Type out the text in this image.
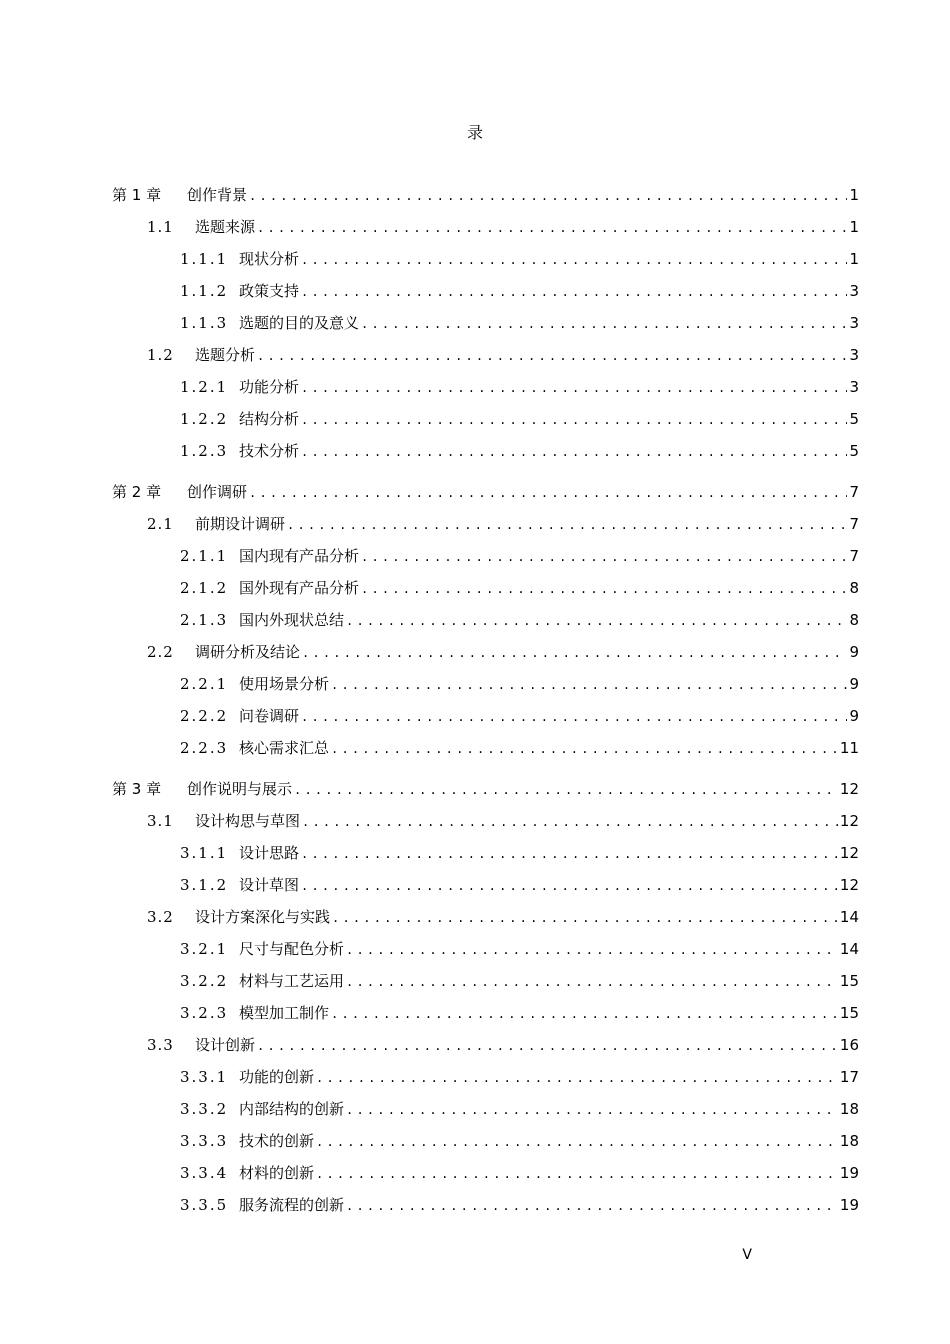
录
第 1 章	创作背景 .....	1
1.1	选题来源 .....	1
1.1.1 现状分析 .....	1
1.1.2 政策支持 .....	3
1.1.3 选题的目的及意义 .....	3
1.2	选题分析 .....	3
1.2.1 功能分析 .....	3
1.2.2 结构分析 .....	5
1.2.3 技术分析 .....	5
第 2 章	创作调研 .....	7
2.1	前期设计调研 .....	7
2.1.1 国内现有产品分析 .....	7
2.1.2 国外现有产品分析 .....	8
2.1.3 国内外现状总结 .....	8
2.2	调研分析及结论 .....	9
2.2.1 使用场景分析 .....	9
2.2.2 问卷调研 .....	9
2.2.3 核心需求汇总 .....	11
第 3 章	创作说明与展示 .....	12
3.1	设计构思与草图 .....	12
3.1.1 设计思路 .....	12
3.1.2 设计草图 .....	12
3.2	设计方案深化与实践 .....	14
3.2.1 尺寸与配色分析 .....	14
3.2.2 材料与工艺运用 .....	15
3.2.3 模型加工制作 .....	15
3.3	设计创新 .....	16
3.3.1 功能的创新 .....	17
3.3.2 内部结构的创新 .....	18
3.3.3 技术的创新 .....	18
3.3.4 材料的创新 .....	19
3.3.5 服务流程的创新 .....	19
V
